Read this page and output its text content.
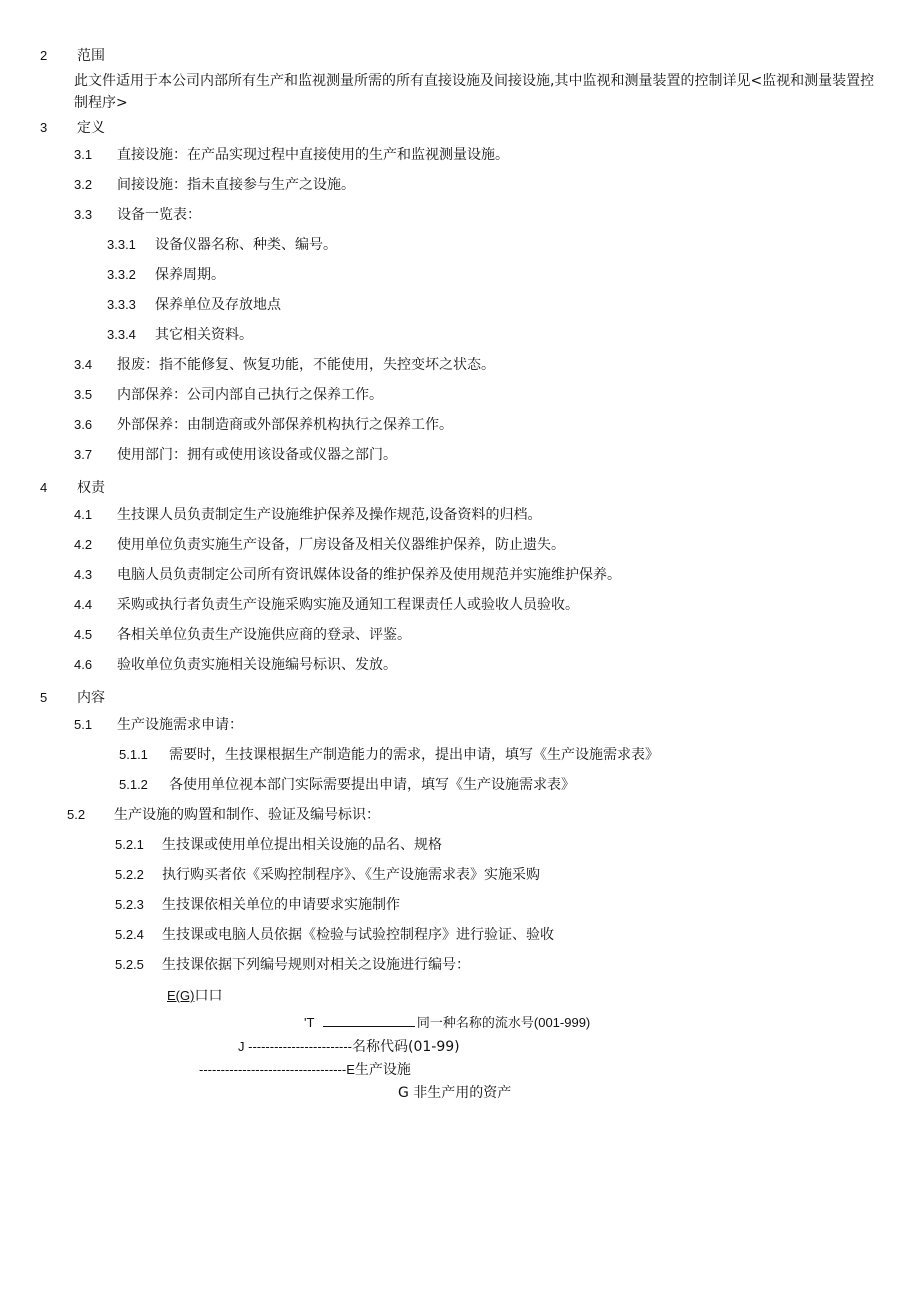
2 范围
此文件适用于本公司内部所有生产和监视测量所需的所有直接设施及间接设施,其中监视和测量装置的控制详见<监视和测量装置控制程序>
3 定义
3.1 直接设施：在产品实现过程中直接使用的生产和监视测量设施。
3.2 间接设施：指未直接参与生产之设施。
3.3 设备一览表：
3.3.1 设备仪器名称、种类、编号。
3.3.2 保养周期。
3.3.3 保养单位及存放地点
3.3.4 其它相关资料。
3.4 报废：指不能修复、恢复功能，不能使用，失控变坏之状态。
3.5 内部保养：公司内部自己执行之保养工作。
3.6 外部保养：由制造商或外部保养机构执行之保养工作。
3.7 使用部门：拥有或使用该设备或仪器之部门。
4 权责
4.1 生技课人员负责制定生产设施维护保养及操作规范,设备资料的归档。
4.2 使用单位负责实施生产设备，厂房设备及相关仪器维护保养，防止遗失。
4.3 电脑人员负责制定公司所有资讯媒体设备的维护保养及使用规范并实施维护保养。
4.4 采购或执行者负责生产设施采购实施及通知工程课责任人或验收人员验收。
4.5 各相关单位负责生产设施供应商的登录、评鉴。
4.6 验收单位负责实施相关设施编号标识、发放。
5 内容
5.1 生产设施需求申请：
5.1.1 需要时，生技课根据生产制造能力的需求，提出申请，填写《生产设施需求表》
5.1.2 各使用单位视本部门实际需要提出申请，填写《生产设施需求表》
5.2 生产设施的购置和制作、验证及编号标识：
5.2.1 生技课或使用单位提出相关设施的品名、规格
5.2.2 执行购买者依《采购控制程序》、《生产设施需求表》实施采购
5.2.3 生技课依相关单位的申请要求实施制作
5.2.4 生技课或电脑人员依据《检验与试验控制程序》进行验证、验收
5.2.5 生技课依据下列编号规则对相关之设施进行编号：
E(G)口口
'T	同一种名称的流水号(001-999)
J ------------------------名称代码(01-99)
----------------------------------E生产设施
G 非生产用的资产
